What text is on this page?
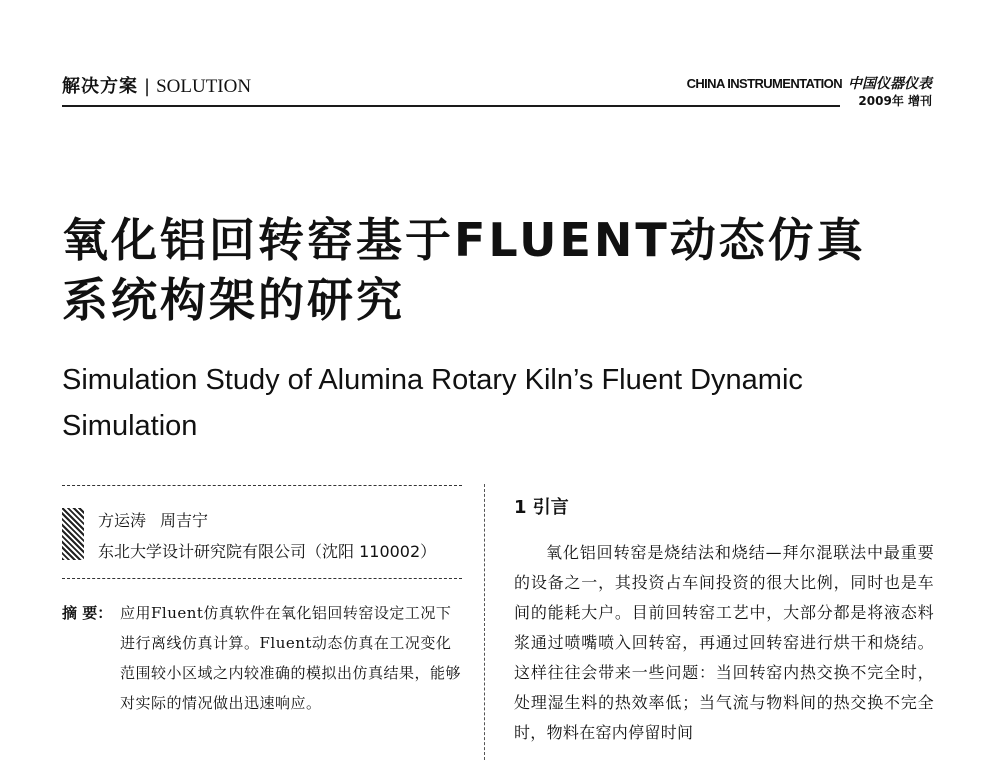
解决方案 | SOLUTION	CHINA INSTRUMENTATION 中国仪器仪表
2009年 增刊
氧化铝回转窑基于FLUENT动态仿真
系统构架的研究
Simulation Study of Alumina Rotary Kiln’s Fluent Dynamic
Simulation
方运涛 周吉宁
东北大学设计研究院有限公司（沈阳 110002）
摘 要： 应用Fluent仿真软件在氧化铝回转窑设定工况下进行离线仿真计算。Fluent动态仿真在工况变化范围较小区域之内较准确的模拟出仿真结果，能够对实际的情况做出迅速响应。
1 引言
氧化铝回转窑是烧结法和烧结—拜尔混联法中最重要的设备之一，其投资占车间投资的很大比例，同时也是车间的能耗大户。目前回转窑工艺中，大部分都是将液态料浆通过喷嘴喷入回转窑，再通过回转窑进行烘干和烧结。这样往往会带来一些问题：当回转窑内热交换不完全时，处理湿生料的热效率低；当气流与物料间的热交换不完全时，物料在窑内停留时间
